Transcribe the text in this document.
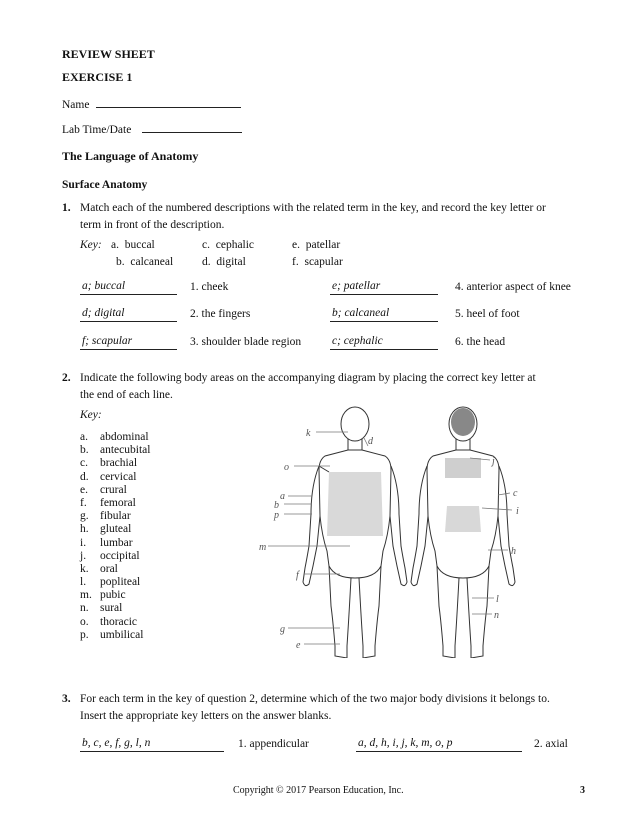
REVIEW SHEET
EXERCISE 1
Name
Lab Time/Date
The Language of Anatomy
Surface Anatomy
1. Match each of the numbered descriptions with the related term in the key, and record the key letter or
term in front of the description.
Key: a. buccal
b. calcaneal
c. cephalic
d. digital
e. patellar
f. scapular
a; buccal	1. cheek	e; patellar	4. anterior aspect of knee
d; digital	2. the fingers	b; calcaneal	5. heel of foot
f; scapular	3. shoulder blade region	c; cephalic	6. the head
2. Indicate the following body areas on the accompanying diagram by placing the correct key letter at
the end of each line.
Key:
a. abdominal
b. antecubital
c. brachial
d. cervical
e. crural
f. femoral
g. fibular
h. gluteal
i. lumbar
j. occipital
k. oral
l. popliteal
m. pubic
n. sural
o. thoracic
p. umbilical
k
d
o
a
b
p
m
f
g
e
j
c
i
h
l
n
3. For each term in the key of question 2, determine which of the two major body divisions it belongs to.
Insert the appropriate key letters on the answer blanks.
b, c, e, f, g, l, n	1. appendicular	a, d, h, i, j, k, m, o, p	2. axial
Copyright © 2017 Pearson Education, Inc.	3
